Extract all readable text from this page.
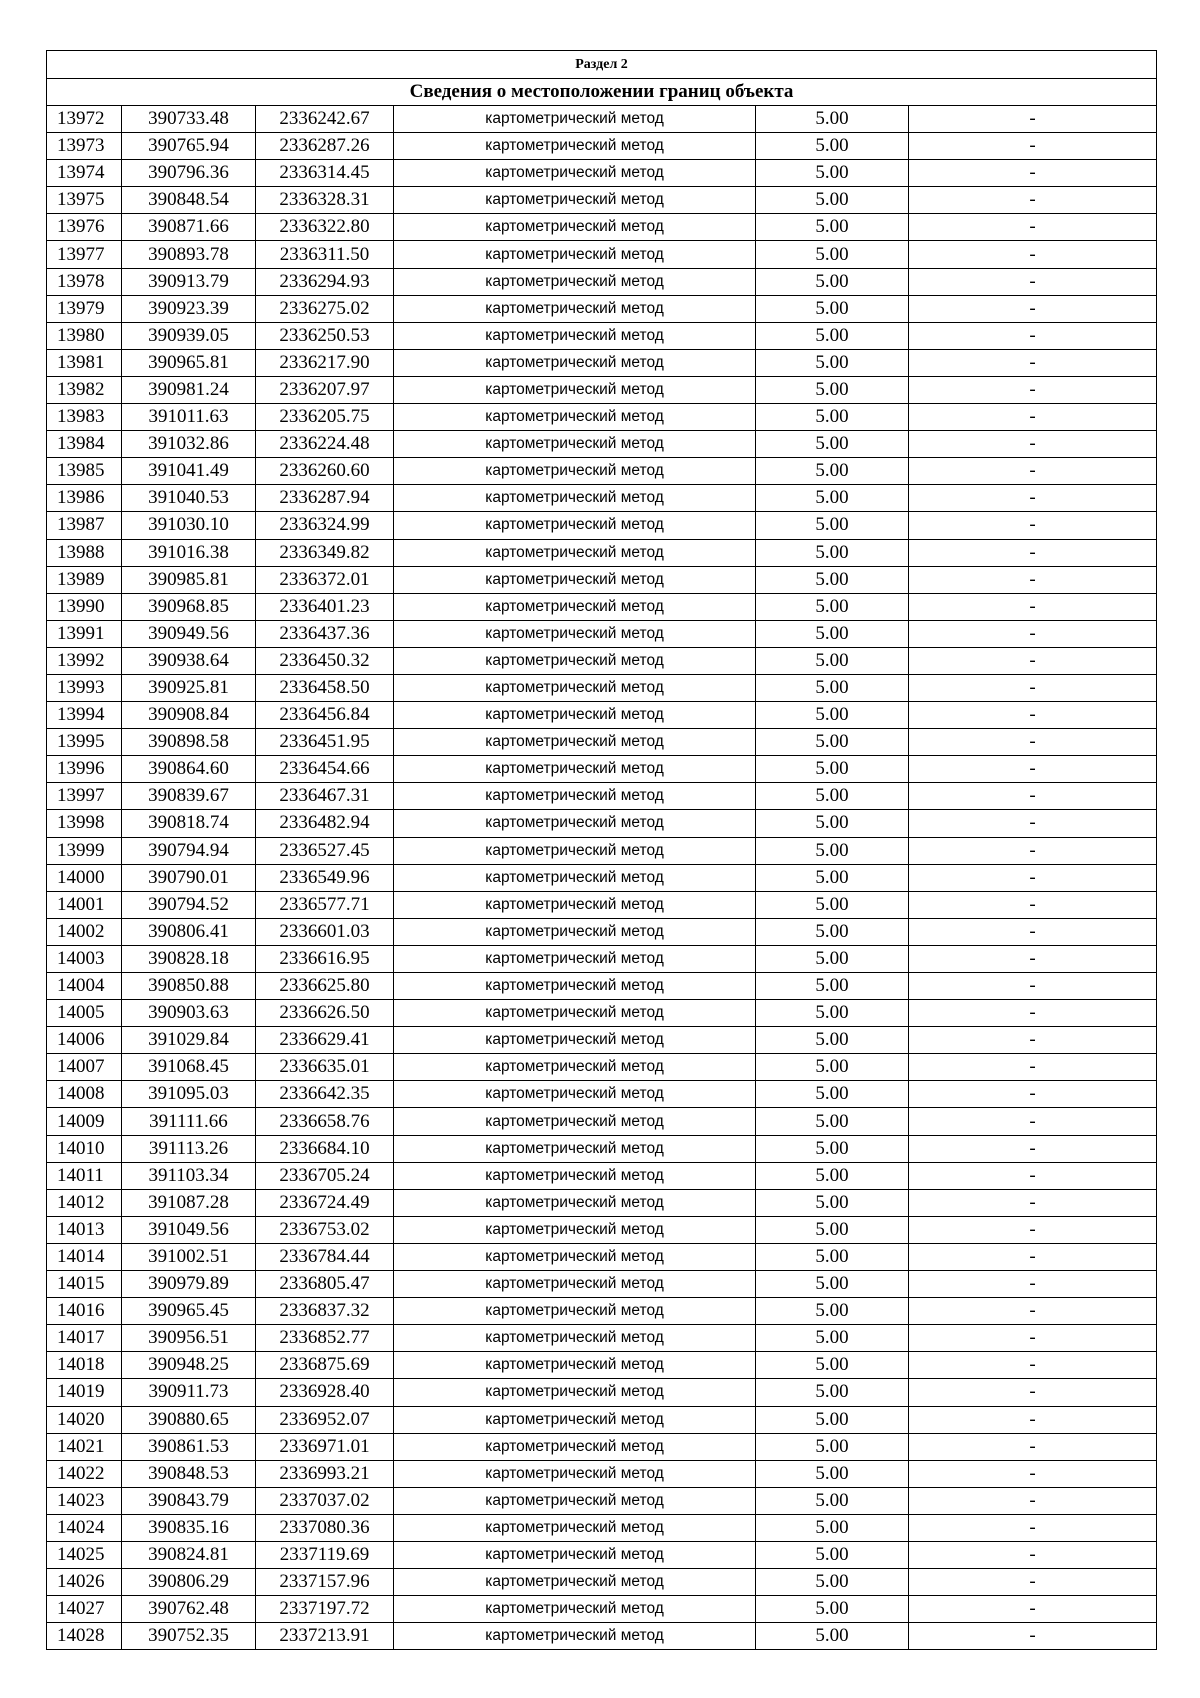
Раздел 2					
Сведения о местоположении границ объекта					
13972	390733.48	2336242.67	картометрический метод	5.00	-
13973	390765.94	2336287.26	картометрический метод	5.00	-
13974	390796.36	2336314.45	картометрический метод	5.00	-
13975	390848.54	2336328.31	картометрический метод	5.00	-
13976	390871.66	2336322.80	картометрический метод	5.00	-
13977	390893.78	2336311.50	картометрический метод	5.00	-
13978	390913.79	2336294.93	картометрический метод	5.00	-
13979	390923.39	2336275.02	картометрический метод	5.00	-
13980	390939.05	2336250.53	картометрический метод	5.00	-
13981	390965.81	2336217.90	картометрический метод	5.00	-
13982	390981.24	2336207.97	картометрический метод	5.00	-
13983	391011.63	2336205.75	картометрический метод	5.00	-
13984	391032.86	2336224.48	картометрический метод	5.00	-
13985	391041.49	2336260.60	картометрический метод	5.00	-
13986	391040.53	2336287.94	картометрический метод	5.00	-
13987	391030.10	2336324.99	картометрический метод	5.00	-
13988	391016.38	2336349.82	картометрический метод	5.00	-
13989	390985.81	2336372.01	картометрический метод	5.00	-
13990	390968.85	2336401.23	картометрический метод	5.00	-
13991	390949.56	2336437.36	картометрический метод	5.00	-
13992	390938.64	2336450.32	картометрический метод	5.00	-
13993	390925.81	2336458.50	картометрический метод	5.00	-
13994	390908.84	2336456.84	картометрический метод	5.00	-
13995	390898.58	2336451.95	картометрический метод	5.00	-
13996	390864.60	2336454.66	картометрический метод	5.00	-
13997	390839.67	2336467.31	картометрический метод	5.00	-
13998	390818.74	2336482.94	картометрический метод	5.00	-
13999	390794.94	2336527.45	картометрический метод	5.00	-
14000	390790.01	2336549.96	картометрический метод	5.00	-
14001	390794.52	2336577.71	картометрический метод	5.00	-
14002	390806.41	2336601.03	картометрический метод	5.00	-
14003	390828.18	2336616.95	картометрический метод	5.00	-
14004	390850.88	2336625.80	картометрический метод	5.00	-
14005	390903.63	2336626.50	картометрический метод	5.00	-
14006	391029.84	2336629.41	картометрический метод	5.00	-
14007	391068.45	2336635.01	картометрический метод	5.00	-
14008	391095.03	2336642.35	картометрический метод	5.00	-
14009	391111.66	2336658.76	картометрический метод	5.00	-
14010	391113.26	2336684.10	картометрический метод	5.00	-
14011	391103.34	2336705.24	картометрический метод	5.00	-
14012	391087.28	2336724.49	картометрический метод	5.00	-
14013	391049.56	2336753.02	картометрический метод	5.00	-
14014	391002.51	2336784.44	картометрический метод	5.00	-
14015	390979.89	2336805.47	картометрический метод	5.00	-
14016	390965.45	2336837.32	картометрический метод	5.00	-
14017	390956.51	2336852.77	картометрический метод	5.00	-
14018	390948.25	2336875.69	картометрический метод	5.00	-
14019	390911.73	2336928.40	картометрический метод	5.00	-
14020	390880.65	2336952.07	картометрический метод	5.00	-
14021	390861.53	2336971.01	картометрический метод	5.00	-
14022	390848.53	2336993.21	картометрический метод	5.00	-
14023	390843.79	2337037.02	картометрический метод	5.00	-
14024	390835.16	2337080.36	картометрический метод	5.00	-
14025	390824.81	2337119.69	картометрический метод	5.00	-
14026	390806.29	2337157.96	картометрический метод	5.00	-
14027	390762.48	2337197.72	картометрический метод	5.00	-
14028	390752.35	2337213.91	картометрический метод	5.00	-
